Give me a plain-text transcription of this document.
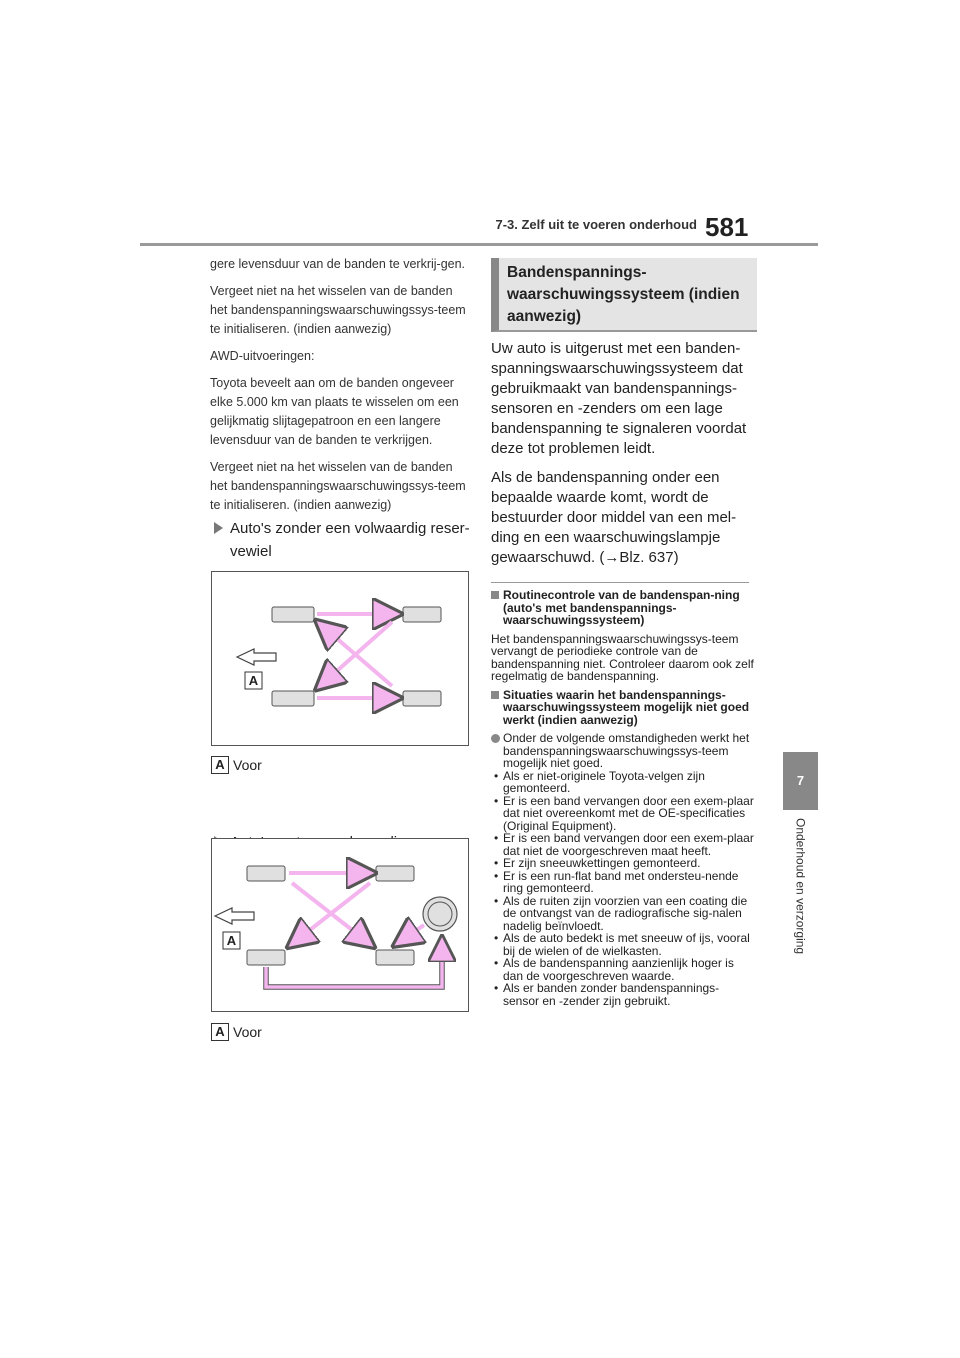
7-3. Zelf uit te voeren onderhoud 581
7
Onderhoud en verzorging

gere levensduur van de banden te verkrij-gen.

Vergeet niet na het wisselen van de banden het bandenspanningswaarschuwingssys-teem te initialiseren. (indien aanwezig)

AWD-uitvoeringen:

Toyota beveelt aan om de banden ongeveer elke 5.000 km van plaats te wisselen om een gelijkmatig slijtagepatroon en een langere levensduur van de banden te verkrijgen.

Vergeet niet na het wisselen van de banden het bandenspanningswaarschuwingssys-teem te initialiseren. (indien aanwezig)

Auto's zonder een volwaardig reser-vewiel
A
A Voor
A
A Voor
Bandenspannings-waarschuwingssysteem (indien aanwezig)

Uw auto is uitgerust met een banden-spanningswaarschuwingssysteem dat gebruikmaakt van bandenspannings-sensoren en -zenders om een lage bandenspanning te signaleren voordat deze tot problemen leidt.

Als de bandenspanning onder een bepaalde waarde komt, wordt de bestuurder door middel van een mel-ding en een waarschuwingslampje gewaarschuwd. (→Blz. 637)

Routinecontrole van de bandenspan-ning (auto's met bandenspannings-waarschuwingssysteem)
Het bandenspanningswaarschuwingssys-teem vervangt de periodieke controle van de bandenspanning niet. Controleer daarom ook zelf regelmatig de bandenspanning.
Situaties waarin het bandenspannings-waarschuwingssysteem mogelijk niet goed werkt (indien aanwezig)
Onder de volgende omstandigheden werkt het bandenspanningswaarschuwingssys-teem mogelijk niet goed.
• Als er niet-originele Toyota-velgen zijn gemonteerd.
• Er is een band vervangen door een exem-plaar dat niet overeenkomt met de OE-specificaties (Original Equipment).
• Er is een band vervangen door een exem-plaar dat niet de voorgeschreven maat heeft.
• Er zijn sneeuwkettingen gemonteerd.
• Er is een run-flat band met ondersteu-nende ring gemonteerd.
• Als de ruiten zijn voorzien van een coating die de ontvangst van de radiografische sig-nalen nadelig beïnvloedt.
• Als de auto bedekt is met sneeuw of ijs, vooral bij de wielen of de wielkasten.
• Als de bandenspanning aanzienlijk hoger is dan de voorgeschreven waarde.
• Als er banden zonder bandenspannings-sensor en -zender zijn gebruikt.
